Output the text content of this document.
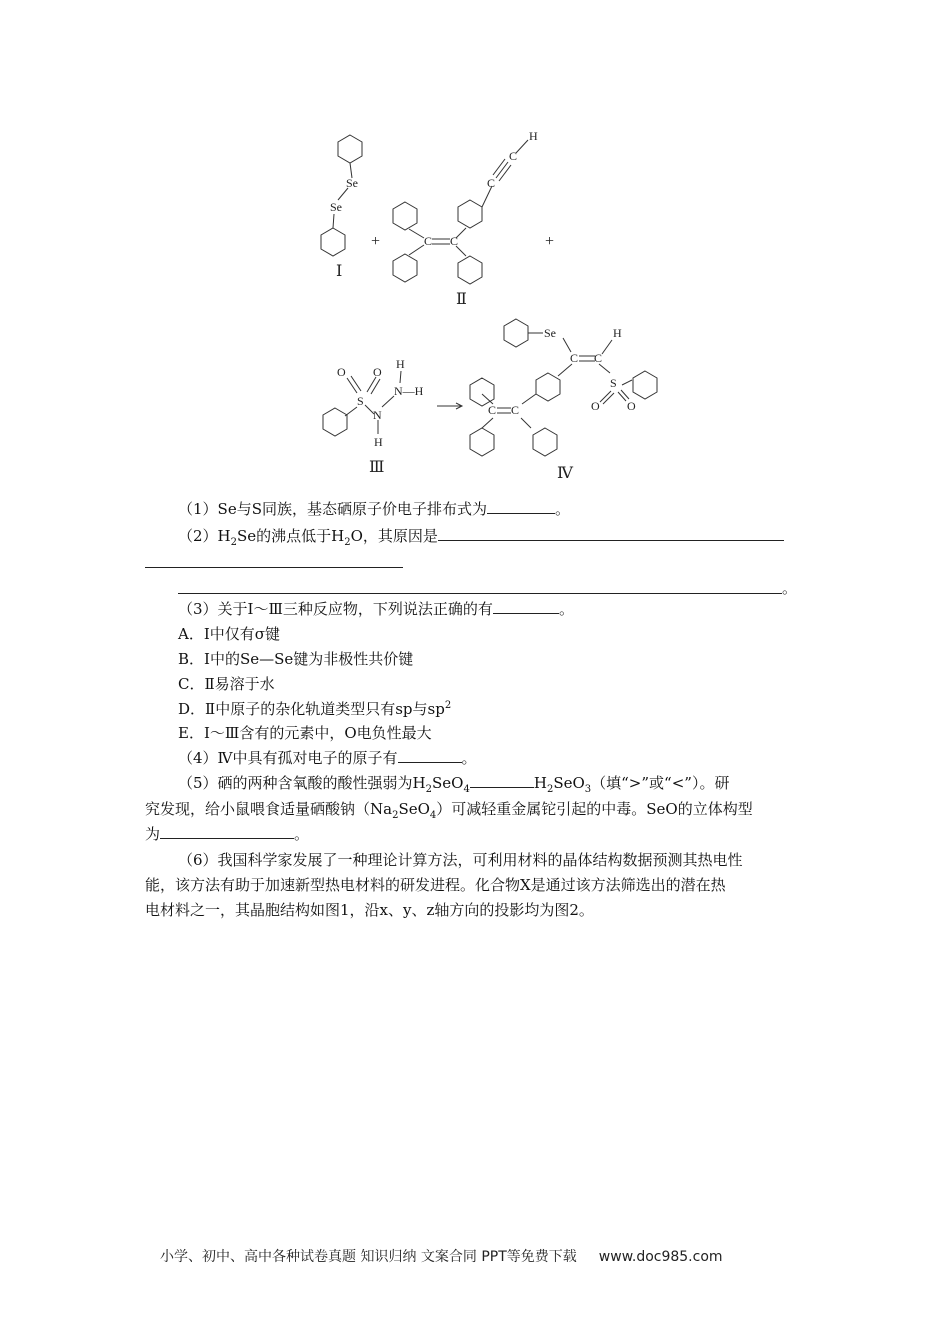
Se
Se
C C
C
C
H
O O
S
H
N—H
N
H
Se	H
C C
S
O O
C
C
+	+
Ⅰ
Ⅱ
Ⅲ	Ⅳ
（1）Se与S同族，基态硒原子价电子排布式为	。
$(2)H_2Se$的沸点低于$H_2O$，其原因是
。
（3）关于Ⅰ～Ⅲ三种反应物，下列说法正确的有	。
A．Ⅰ中仅有σ键
B．Ⅰ中的Se—Se键为非极性共价键
C．Ⅱ易溶于水
D．Ⅱ中原子的杂化轨道类型只有sp与$sp^2$
E．Ⅰ～Ⅲ含有的元素中，O电负性最大
（4）Ⅳ中具有孤对电子的原子有	。
（5）硒的两种含氧酸的酸性强弱为$H_2SeO_4$	$H_2SeO_3$（填“>”或“<”）。研
究发现，给小鼠喂食适量硒酸钠$(Na_2SeO_4)$可减轻重金属铊引起的中毒。SeO的立体构型
为	。
（6）我国科学家发展了一种理论计算方法，可利用材料的晶体结构数据预测其热电性
能，该方法有助于加速新型热电材料的研发进程。化合物X是通过该方法筛选出的潜在热
电材料之一，其晶胞结构如图1，沿x、y、z轴方向的投影均为图2。
小学、初中、高中各种试卷真题 知识归纳 文案合同 PPT等免费下载 www.doc985.com
